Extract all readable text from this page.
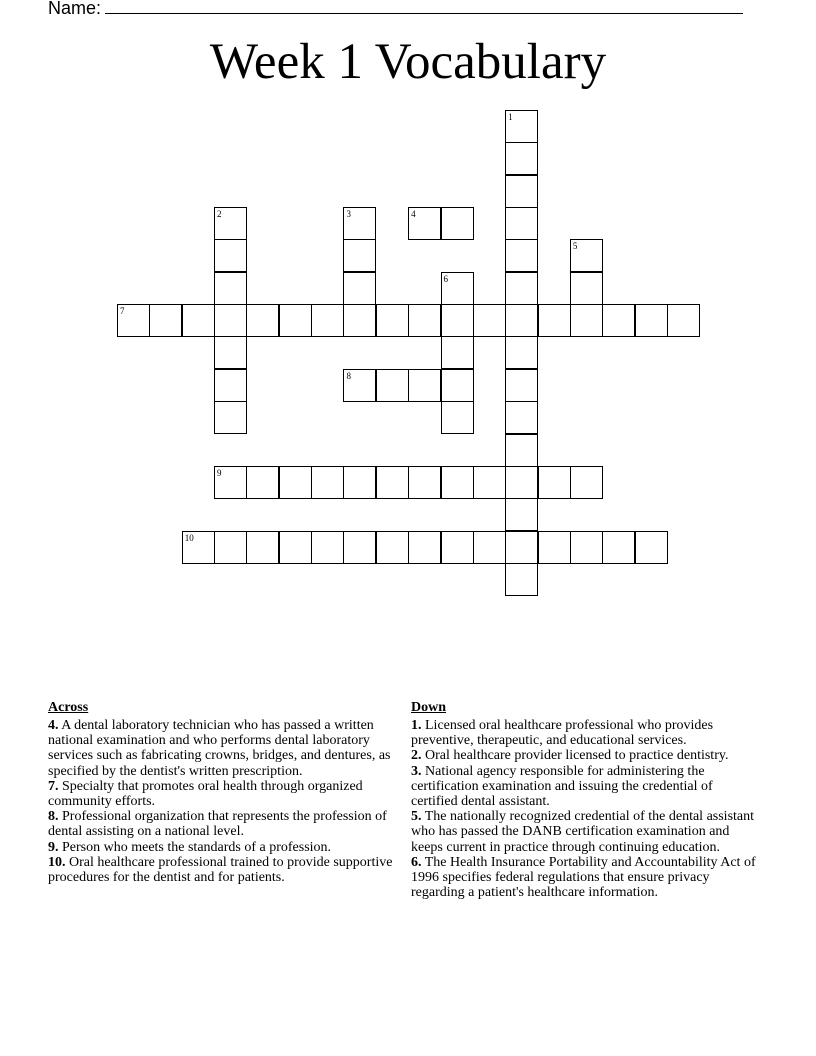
Name:
Week 1 Vocabulary
1
2	3	4
5
6
7
8
9
10
Across
4. A dental laboratory technician who has passed a written national examination and who performs dental laboratory services such as fabricating crowns, bridges, and dentures, as specified by the dentist's written prescription.
7. Specialty that promotes oral health through organized community efforts.
8. Professional organization that represents the profession of dental assisting on a national level.
9. Person who meets the standards of a profession.
10. Oral healthcare professional trained to provide supportive procedures for the dentist and for patients.
Down
1. Licensed oral healthcare professional who provides preventive, therapeutic, and educational services.
2. Oral healthcare provider licensed to practice dentistry.
3. National agency responsible for administering the certification examination and issuing the credential of certified dental assistant.
5. The nationally recognized credential of the dental assistant who has passed the DANB certification examination and keeps current in practice through continuing education.
6. The Health Insurance Portability and Accountability Act of 1996 specifies federal regulations that ensure privacy regarding a patient's healthcare information.
